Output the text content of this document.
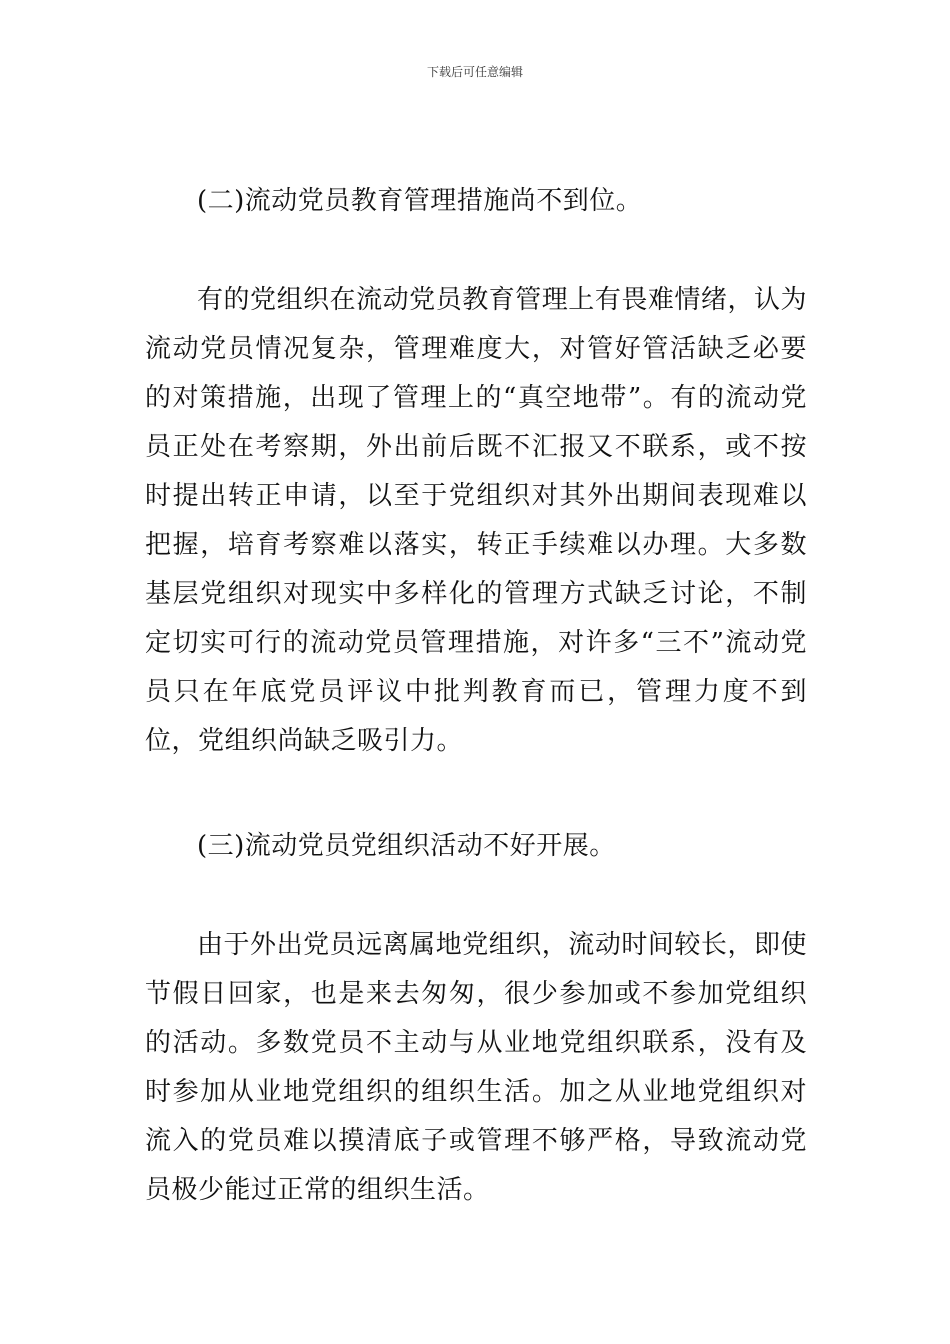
下载后可任意编辑

(二)流动党员教育管理措施尚不到位。

有的党组织在流动党员教育管理上有畏难情绪，认为流动党员情况复杂，管理难度大，对管好管活缺乏必要的对策措施，出现了管理上的“真空地带”。有的流动党员正处在考察期，外出前后既不汇报又不联系，或不按时提出转正申请，以至于党组织对其外出期间表现难以把握，培育考察难以落实，转正手续难以办理。大多数基层党组织对现实中多样化的管理方式缺乏讨论，不制定切实可行的流动党员管理措施，对许多“三不”流动党员只在年底党员评议中批判教育而已，管理力度不到位，党组织尚缺乏吸引力。

(三)流动党员党组织活动不好开展。

由于外出党员远离属地党组织，流动时间较长，即使节假日回家，也是来去匆匆，很少参加或不参加党组织的活动。多数党员不主动与从业地党组织联系，没有及时参加从业地党组织的组织生活。加之从业地党组织对流入的党员难以摸清底子或管理不够严格，导致流动党员极少能过正常的组织生活。
